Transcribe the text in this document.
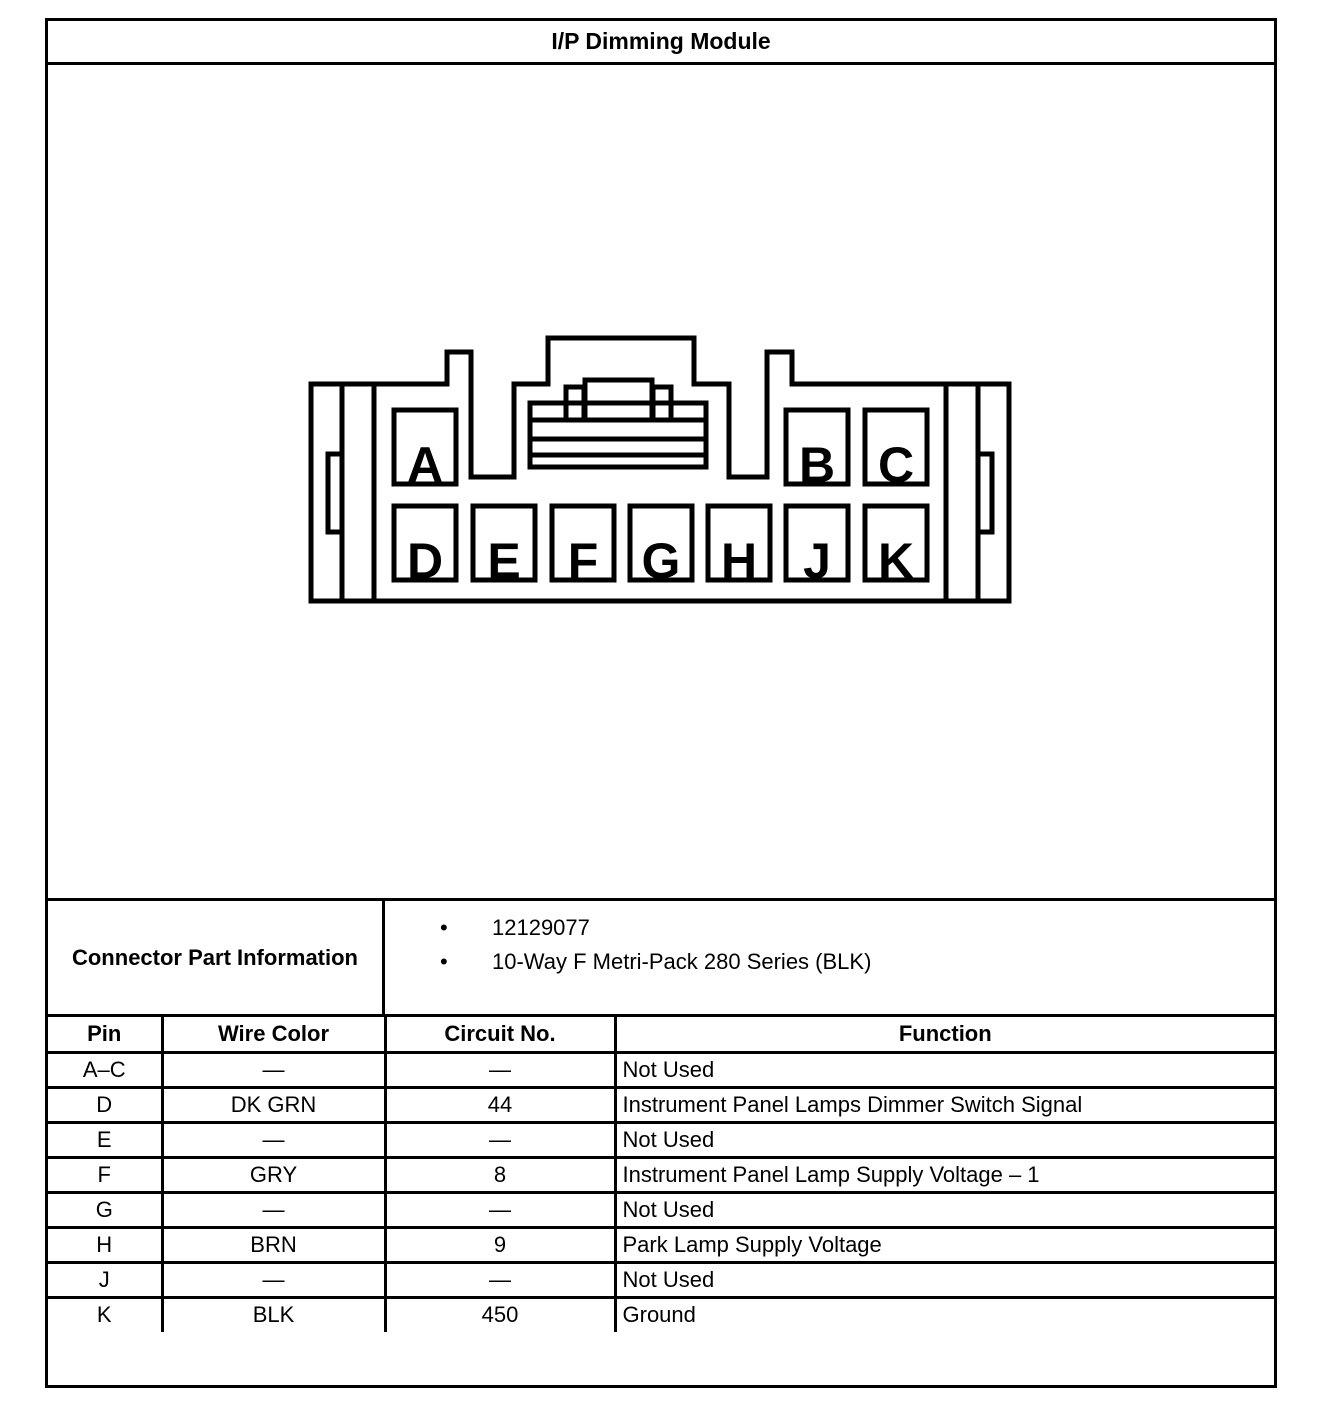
I/P Dimming Module
A	B C
D E F G H J K
Connector Part Information
• 12129077
• 10-Way F Metri-Pack 280 Series (BLK)
Pin	Wire Color	Circuit No.	Function
A–C	—	—	Not Used
D	DK GRN	44	Instrument Panel Lamps Dimmer Switch Signal
E	—	—	Not Used
F	GRY	8	Instrument Panel Lamp Supply Voltage – 1
G	—	—	Not Used
H	BRN	9	Park Lamp Supply Voltage
J	—	—	Not Used
K	BLK	450	Ground
